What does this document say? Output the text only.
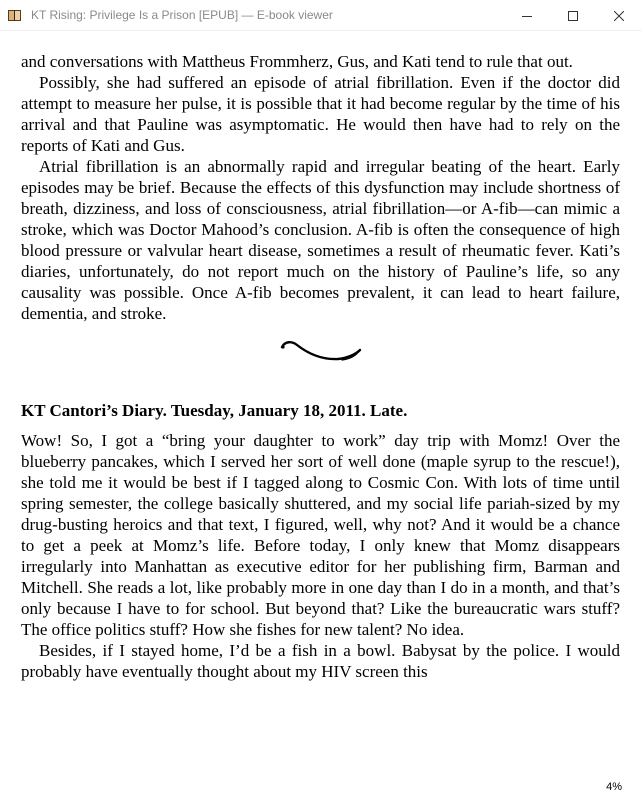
KT Rising: Privilege Is a Prison [EPUB] — E-book viewer

and conversations with Mattheus Frommherz, Gus, and Kati tend to rule that out.

Possibly, she had suffered an episode of atrial fibrillation. Even if the doctor did attempt to measure her pulse, it is possible that it had become regular by the time of his arrival and that Pauline was asymptomatic. He would then have had to rely on the reports of Kati and Gus.

Atrial fibrillation is an abnormally rapid and irregular beating of the heart. Early episodes may be brief. Because the effects of this dysfunction may include shortness of breath, dizziness, and loss of consciousness, atrial fibrillation—or A-fib—can mimic a stroke, which was Doctor Mahood’s conclusion. A-fib is often the consequence of high blood pressure or valvular heart disease, sometimes a result of rheumatic fever. Kati’s diaries, unfortunately, do not report much on the history of Pauline’s life, so any causality was possible. Once A-fib becomes prevalent, it can lead to heart failure, dementia, and stroke.

KT Cantori’s Diary. Tuesday, January 18, 2011. Late.

Wow! So, I got a “bring your daughter to work” day trip with Momz! Over the blueberry pancakes, which I served her sort of well done (maple syrup to the rescue!), she told me it would be best if I tagged along to Cosmic Con. With lots of time until spring semester, the college basically shuttered, and my social life pariah-sized by my drug-busting heroics and that text, I figured, well, why not? And it would be a chance to get a peek at Momz’s life. Before today, I only knew that Momz disappears irregularly into Manhattan as executive editor for her publishing firm, Barman and Mitchell. She reads a lot, like probably more in one day than I do in a month, and that’s only because I have to for school. But beyond that? Like the bureaucratic wars stuff? The office politics stuff? How she fishes for new talent? No idea.

Besides, if I stayed home, I’d be a fish in a bowl. Babysat by the police. I would probably have eventually thought about my HIV screen this

4%
